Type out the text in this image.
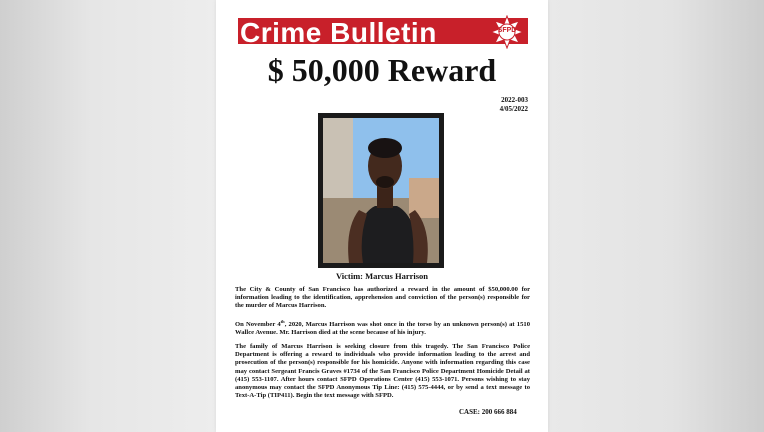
Crime Bulletin	SFPD
$ 50,000 Reward
2022-003
4/05/2022
Victim: Marcus Harrison

The City & County of San Francisco has authorized a reward in the amount of $50,000.00 for information leading to the identification, apprehension and conviction of the person(s) responsible for the murder of Marcus Harrison.

On November 4th, 2020, Marcus Harrison was shot once in the torso by an unknown person(s) at 1510 Wallce Avenue. Mr. Harrison died at the scene because of his injury.

The family of Marcus Harrison is seeking closure from this tragedy. The San Francisco Police Department is offering a reward to individuals who provide information leading to the arrest and prosecution of the person(s) responsible for his homicide. Anyone with information regarding this case may contact Sergeant Francis Graves #1734 of the San Francisco Police Department Homicide Detail at (415) 553-1107. After hours contact SFPD Operations Center (415) 553-1071. Persons wishing to stay anonymous may contact the SFPD Anonymous Tip Line: (415) 575-4444, or by send a text message to Text-A-Tip (TIP411). Begin the text message with SFPD.

CASE: 200 666 884
